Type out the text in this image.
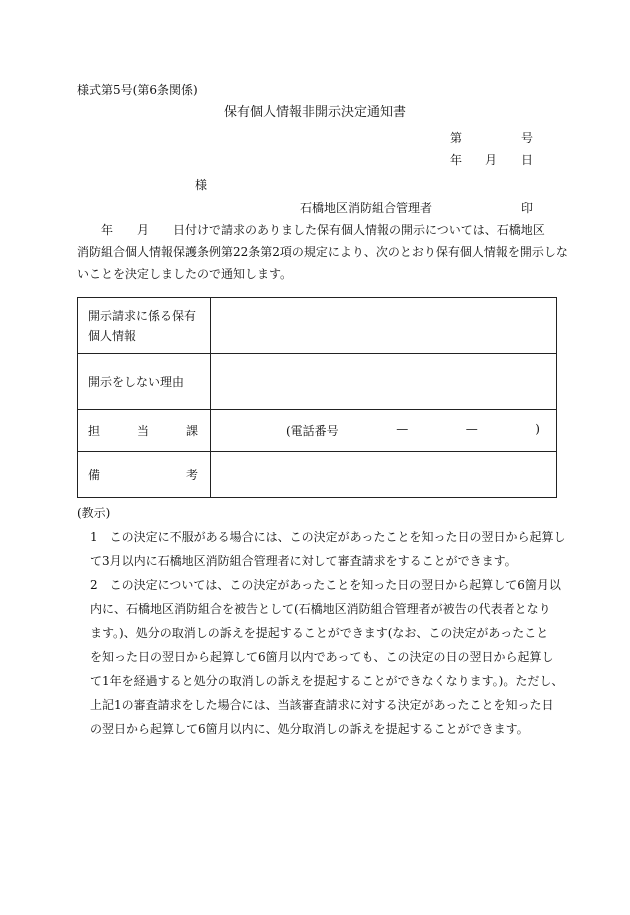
様式第5号(第6条関係)
保有個人情報非開示決定通知書
第	号
年 月 日
様
石橋地区消防組合管理者	印
　　年　　月　　日付けで請求のありました保有個人情報の開示については、石橋地区
消防組合個人情報保護条例第22条第2項の規定により、次のとおり保有個人情報を開示しな
いことを決定しましたので通知します。
開示請求に係る保有
個人情報	

開示をしない理由	

担 当 課	(電話番号 — — )

備 考	

(教示)
1　この決定に不服がある場合には、この決定があったことを知った日の翌日から起算し
て3月以内に石橋地区消防組合管理者に対して審査請求をすることができます。
2　この決定については、この決定があったことを知った日の翌日から起算して6箇月以
内に、石橋地区消防組合を被告として(石橋地区消防組合管理者が被告の代表者となり
ます。)、処分の取消しの訴えを提起することができます(なお、この決定があったこと
を知った日の翌日から起算して6箇月以内であっても、この決定の日の翌日から起算し
て1年を経過すると処分の取消しの訴えを提起することができなくなります。)。ただし、
上記1の審査請求をした場合には、当該審査請求に対する決定があったことを知った日
の翌日から起算して6箇月以内に、処分取消しの訴えを提起することができます。
